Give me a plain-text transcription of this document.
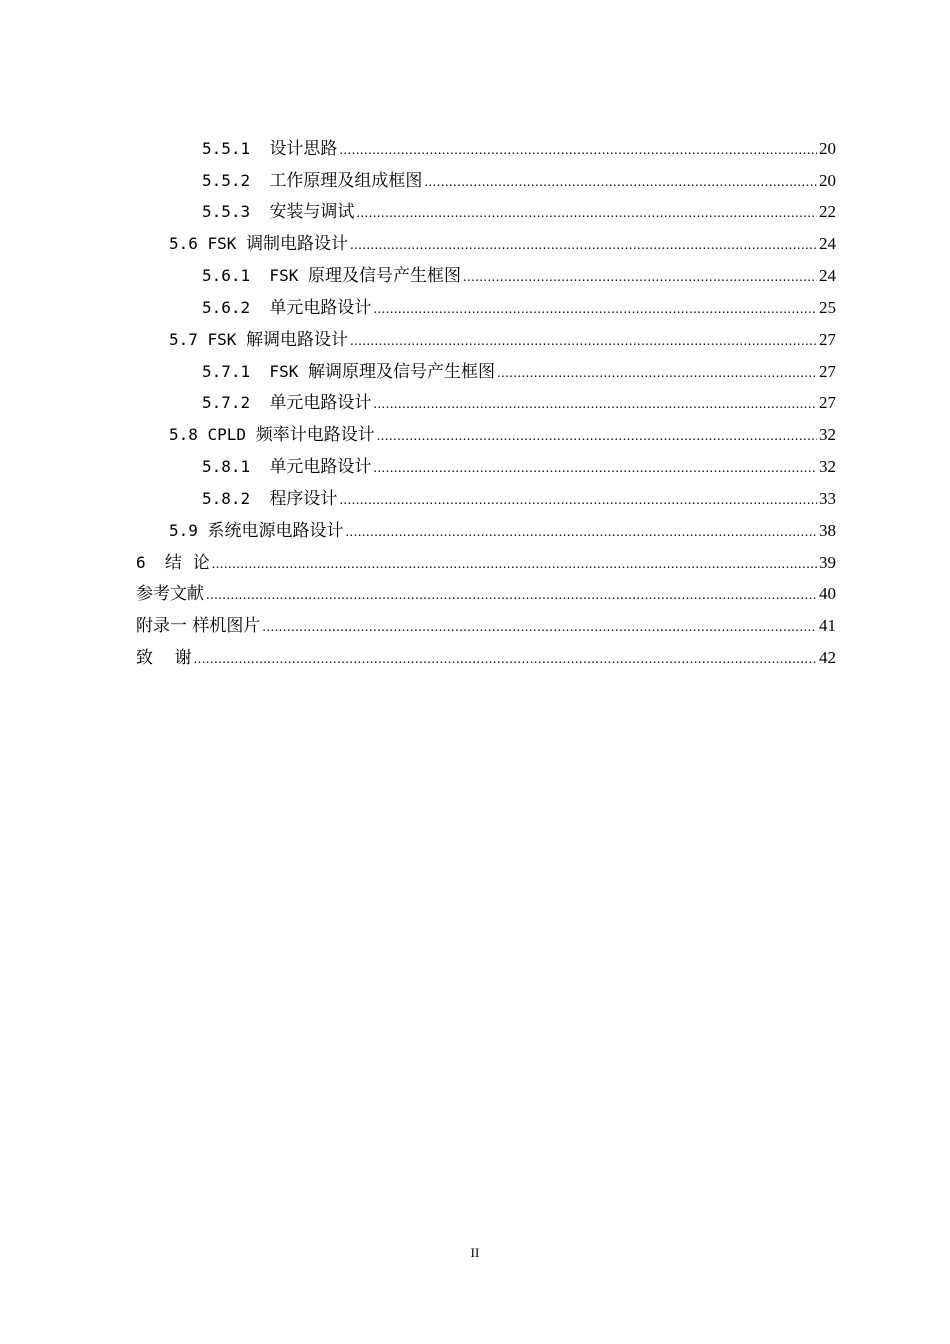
5.5.1  设计思路 .....	20
5.5.2  工作原理及组成框图 .....	20
5.5.3  安装与调试 .....	22
5.6 FSK 调制电路设计 .....	24
5.6.1  FSK 原理及信号产生框图 .....	24
5.6.2  单元电路设计 .....	25
5.7 FSK 解调电路设计 .....	27
5.7.1  FSK 解调原理及信号产生框图 .....	27
5.7.2  单元电路设计 .....	27
5.8 CPLD 频率计电路设计 .....	32
5.8.1  单元电路设计 .....	32
5.8.2  程序设计 .....	33
5.9 系统电源电路设计 .....	38
6  结  论 .....	39
参考文献 .....	40
附录一 样机图片 .....	41
致    谢 .....	42
II
